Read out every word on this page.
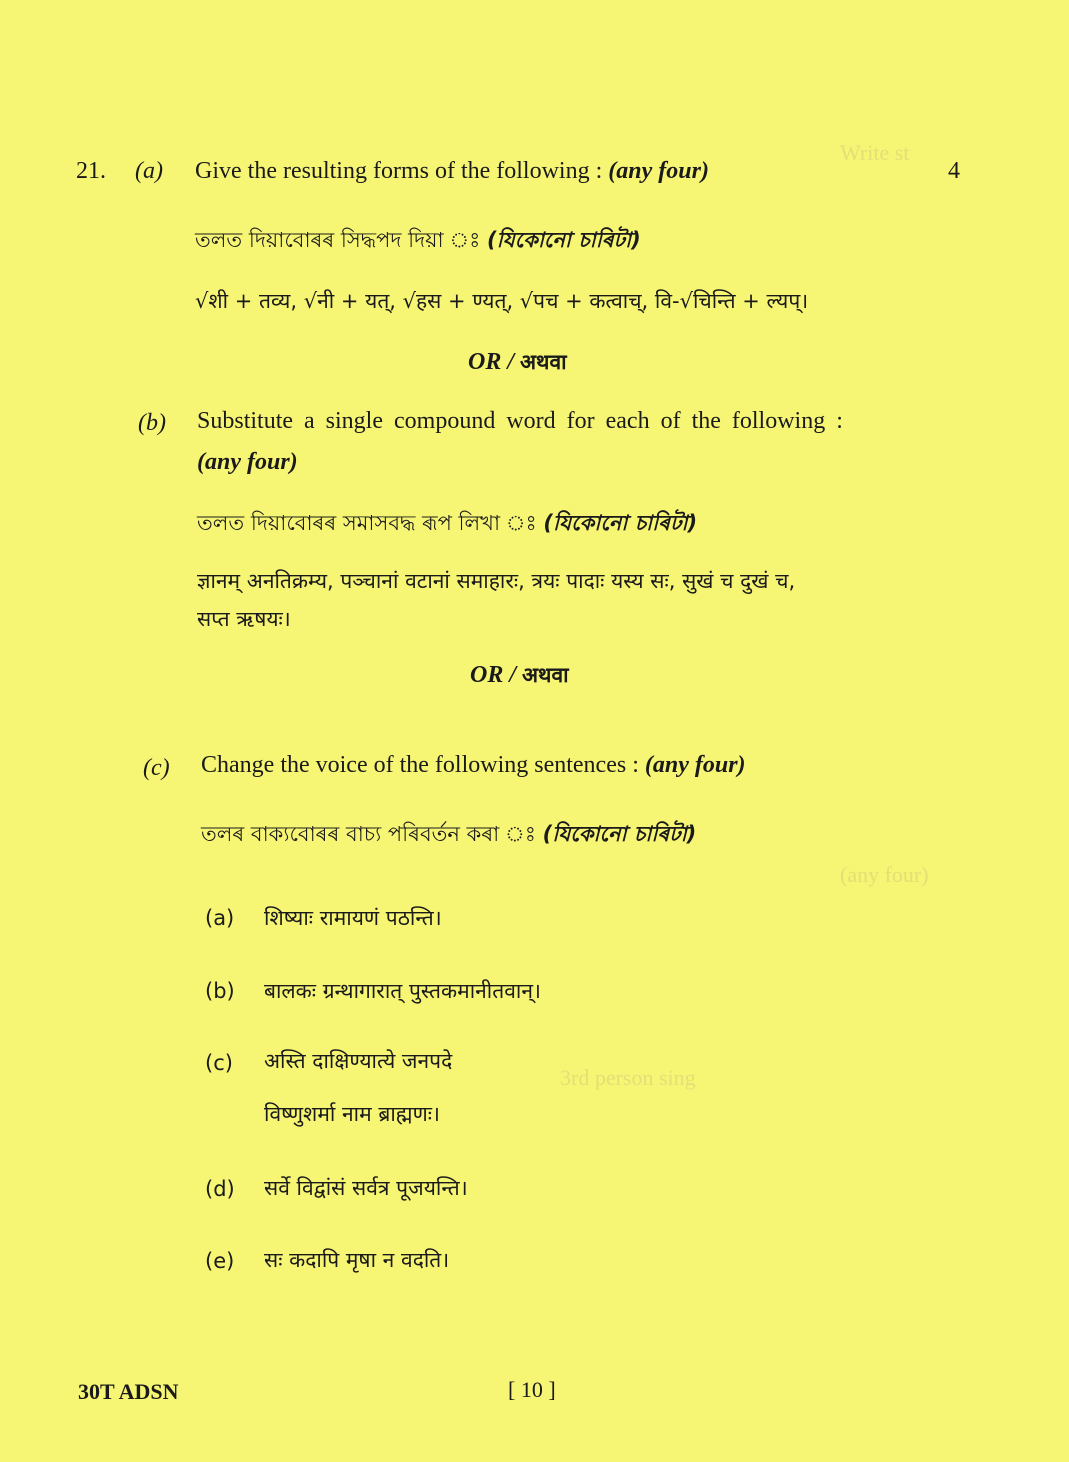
Write st
3rd person sing
(any four)
21. (a) Give the resulting forms of the following : (any four)	4
তলত দিয়াবোৰৰ সিদ্ধপদ দিয়া ঃ (যিকোনো চাৰিটা)
√शी + तव्य, √नी + यत्, √हस + ण्यत्, √पच + कत्वाच्, वि-√चिन्ति + ल्यप्।
OR / अथवा
(b) Substitute a single compound word for each of the following :
(any four)
তলত দিয়াবোৰৰ সমাসবদ্ধ ৰূপ লিখা ঃ (যিকোনো চাৰিটা)
ज्ञानम् अनतिक्रम्य, पञ्चानां वटानां समाहारः, त्रयः पादाः यस्य सः, सुखं च दुखं च,
सप्त ऋषयः।
OR / अथवा
(c) Change the voice of the following sentences : (any four)
তলৰ বাক্যবোৰৰ বাচ্য পৰিবৰ্তন কৰা ঃ (যিকোনো চাৰিটা)
(a) शिष्याः रामायणं पठन्ति।
(b) बालकः ग्रन्थागारात् पुस्तकमानीतवान्।
(c) अस्ति दाक्षिण्यात्ये जनपदे
विष्णुशर्मा नाम ब्राह्मणः।
(d) सर्वे विद्वांसं सर्वत्र पूजयन्ति।
(e) सः कदापि मृषा न वदति।
30T ADSN	[ 10 ]
